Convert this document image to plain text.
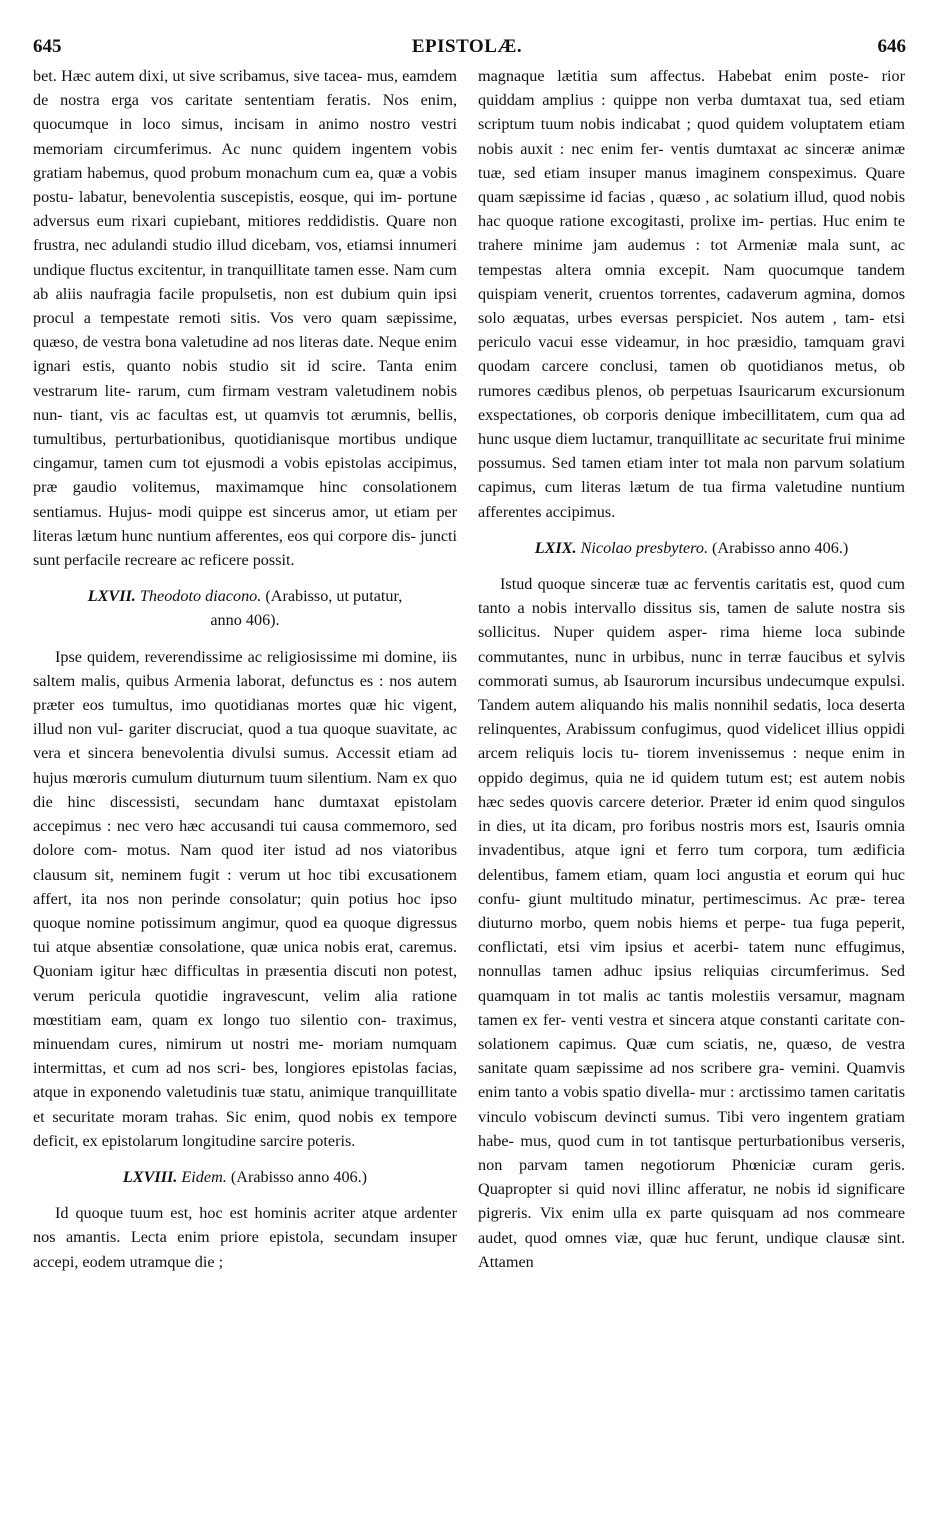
645	EPISTOLÆ.	646

bet. Hæc autem dixi, ut sive scribamus, sive tacea- mus, eamdem de nostra erga vos caritate sententiam feratis. Nos enim, quocumque in loco simus, incisam in animo nostro vestri memoriam circumferimus. Ac nunc quidem ingentem vobis gratiam habemus, quod probum monachum cum ea, quæ a vobis postu- labatur, benevolentia suscepistis, eosque, qui im- portune adversus eum rixari cupiebant, mitiores reddidistis. Quare non frustra, nec adulandi studio illud dicebam, vos, etiamsi innumeri undique fluctus excitentur, in tranquillitate tamen esse. Nam cum ab aliis naufragia facile propulsetis, non est dubium quin ipsi procul a tempestate remoti sitis. Vos vero quam sæpissime, quæso, de vestra bona valetudine ad nos literas date. Neque enim ignari estis, quanto nobis studio sit id scire. Tanta enim vestrarum lite- rarum, cum firmam vestram valetudinem nobis nun- tiant, vis ac facultas est, ut quamvis tot ærumnis, bellis, tumultibus, perturbationibus, quotidianisque mortibus undique cingamur, tamen cum tot ejusmodi a vobis epistolas accipimus, præ gaudio volitemus, maximamque hinc consolationem sentiamus. Hujus- modi quippe est sincerus amor, ut etiam per literas lætum hunc nuntium afferentes, eos qui corpore dis- juncti sunt perfacile recreare ac reficere possit.

LXVII. Theodoto diacono. (Arabisso, ut putatur,
anno 406).

Ipse quidem, reverendissime ac religiosissime mi domine, iis saltem malis, quibus Armenia laborat, defunctus es : nos autem præter eos tumultus, imo quotidianas mortes quæ hic vigent, illud non vul- gariter discruciat, quod a tua quoque suavitate, ac vera et sincera benevolentia divulsi sumus. Accessit etiam ad hujus mœroris cumulum diuturnum tuum silentium. Nam ex quo die hinc discessisti, secundam hanc dumtaxat epistolam accepimus : nec vero hæc accusandi tui causa commemoro, sed dolore com- motus. Nam quod iter istud ad nos viatoribus clausum sit, neminem fugit : verum ut hoc tibi excusationem affert, ita nos non perinde consolatur; quin potius hoc ipso quoque nomine potissimum angimur, quod ea quoque digressus tui atque absentiæ consolatione, quæ unica nobis erat, caremus. Quoniam igitur hæc difficultas in præsentia discuti non potest, verum pericula quotidie ingravescunt, velim alia ratione mœstitiam eam, quam ex longo tuo silentio con- traximus, minuendam cures, nimirum ut nostri me- moriam numquam intermittas, et cum ad nos scri- bes, longiores epistolas facias, atque in exponendo valetudinis tuæ statu, animique tranquillitate et securitate moram trahas. Sic enim, quod nobis ex tempore deficit, ex epistolarum longitudine sarcire poteris.

LXVIII. Eidem. (Arabisso anno 406.)

Id quoque tuum est, hoc est hominis acriter atque ardenter nos amantis. Lecta enim priore epistola, secundam insuper accepi, eodem utramque die ;

magnaque lætitia sum affectus. Habebat enim poste- rior quiddam amplius : quippe non verba dumtaxat tua, sed etiam scriptum tuum nobis indicabat ; quod quidem voluptatem etiam nobis auxit : nec enim fer- ventis dumtaxat ac sinceræ animæ tuæ, sed etiam insuper manus imaginem conspeximus. Quare quam sæpissime id facias , quæso , ac solatium illud, quod nobis hac quoque ratione excogitasti, prolixe im- pertias. Huc enim te trahere minime jam audemus : tot Armeniæ mala sunt, ac tempestas altera omnia excepit. Nam quocumque tandem quispiam venerit, cruentos torrentes, cadaverum agmina, domos solo æquatas, urbes eversas perspiciet. Nos autem , tam- etsi periculo vacui esse videamur, in hoc præsidio, tamquam gravi quodam carcere conclusi, tamen ob quotidianos metus, ob rumores cædibus plenos, ob perpetuas Isauricarum excursionum exspectationes, ob corporis denique imbecillitatem, cum qua ad hunc usque diem luctamur, tranquillitate ac securitate frui minime possumus. Sed tamen etiam inter tot mala non parvum solatium capimus, cum literas lætum de tua firma valetudine nuntium afferentes accipimus.

LXIX. Nicolao presbytero. (Arabisso anno 406.)

Istud quoque sinceræ tuæ ac ferventis caritatis est, quod cum tanto a nobis intervallo dissitus sis, tamen de salute nostra sis sollicitus. Nuper quidem asper- rima hieme loca subinde commutantes, nunc in urbibus, nunc in terræ faucibus et sylvis commorati sumus, ab Isaurorum incursibus undecumque expulsi. Tandem autem aliquando his malis nonnihil sedatis, loca deserta relinquentes, Arabissum confugimus, quod videlicet illius oppidi arcem reliquis locis tu- tiorem invenissemus : neque enim in oppido degimus, quia ne id quidem tutum est; est autem nobis hæc sedes quovis carcere deterior. Præter id enim quod singulos in dies, ut ita dicam, pro foribus nostris mors est, Isauris omnia invadentibus, atque igni et ferro tum corpora, tum ædificia delentibus, famem etiam, quam loci angustia et eorum qui huc confu- giunt multitudo minatur, pertimescimus. Ac præ- terea diuturno morbo, quem nobis hiems et perpe- tua fuga peperit, conflictati, etsi vim ipsius et acerbi- tatem nunc effugimus, nonnullas tamen adhuc ipsius reliquias circumferimus. Sed quamquam in tot malis ac tantis molestiis versamur, magnam tamen ex fer- venti vestra et sincera atque constanti caritate con- solationem capimus. Quæ cum sciatis, ne, quæso, de vestra sanitate quam sæpissime ad nos scribere gra- vemini. Quamvis enim tanto a vobis spatio divella- mur : arctissimo tamen caritatis vinculo vobiscum devincti sumus. Tibi vero ingentem gratiam habe- mus, quod cum in tot tantisque perturbationibus verseris, non parvam tamen negotiorum Phœniciæ curam geris. Quapropter si quid novi illinc afferatur, ne nobis id significare pigreris. Vix enim ulla ex parte quisquam ad nos commeare audet, quod omnes viæ, quæ huc ferunt, undique clausæ sint. Attamen
